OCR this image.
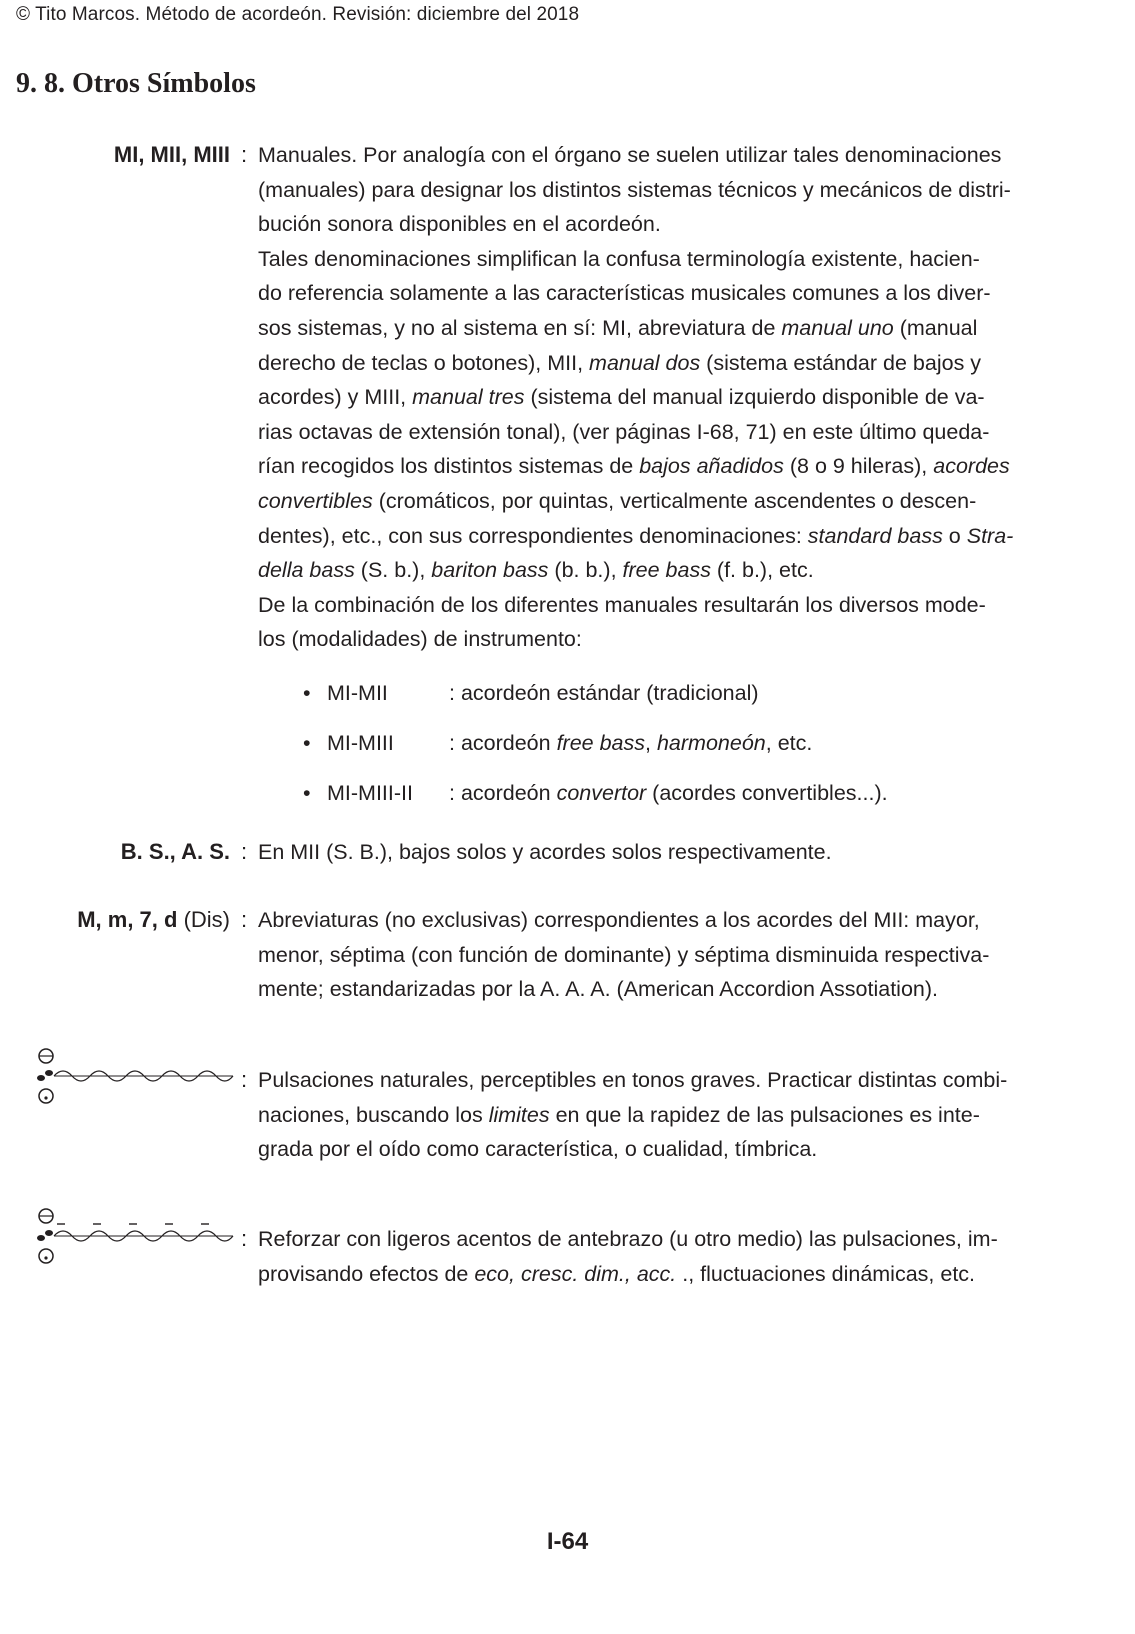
© Tito Marcos. Método de acordeón. Revisión: diciembre del 2018
9. 8. Otros Símbolos
MI, MII, MIII : Manuales. Por analogía con el órgano se suelen utilizar tales denominaciones

(manuales) para designar los distintos sistemas técnicos y mecánicos de distri-

bución sonora disponibles en el acordeón.

Tales denominaciones simplifican la confusa terminología existente, hacien-

do referencia solamente a las características musicales comunes a los diver-

sos sistemas, y no al sistema en sí: MI, abreviatura de manual uno (manual

derecho de teclas o botones), MII, manual dos (sistema estándar de bajos y

acordes) y MIII, manual tres (sistema del manual izquierdo disponible de va-

rias octavas de extensión tonal), (ver páginas I-68, 71) en este último queda-

rían recogidos los distintos sistemas de bajos añadidos (8 o 9 hileras), acordes

convertibles (cromáticos, por quintas, verticalmente ascendentes o descen-

dentes), etc., con sus correspondientes denominaciones: standard bass o Stra-

della bass (S. b.), bariton bass (b. b.), free bass (f. b.), etc.

De la combinación de los diferentes manuales resultarán los diversos mode-

los (modalidades) de instrumento:

• MI-MII	: acordeón estándar (tradicional)
• MI-MIII	: acordeón free bass, harmoneón, etc.
• MI-MIII-II : acordeón convertor (acordes convertibles...).
B. S., A. S. : En MII (S. B.), bajos solos y acordes solos respectivamente.

M, m, 7, d (Dis) : Abreviaturas (no exclusivas) correspondientes a los acordes del MII: mayor,

menor, séptima (con función de dominante) y séptima disminuida respectiva-

mente; estandarizadas por la A. A. A. (American Accordion Assotiation).

: Pulsaciones naturales, perceptibles en tonos graves. Practicar distintas combi-

naciones, buscando los limites en que la rapidez de las pulsaciones es inte-

grada por el oído como característica, o cualidad, tímbrica.

: Reforzar con ligeros acentos de antebrazo (u otro medio) las pulsaciones, im-

provisando efectos de eco, cresc. dim., acc. ., fluctuaciones dinámicas, etc.

I-64
